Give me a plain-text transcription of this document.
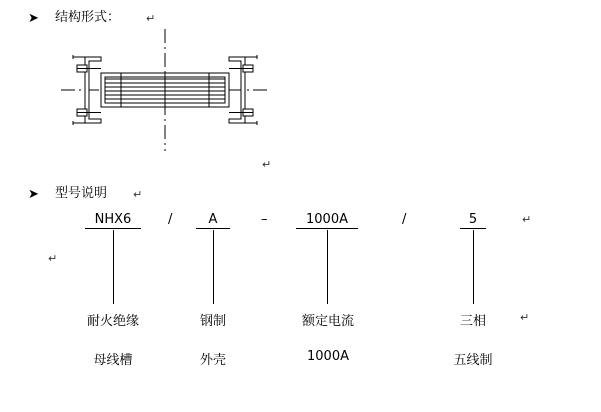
➤ 结构形式： ↵
↵
➤ 型号说明 ↵
NHX6	/	A	–	1000A	/	5	↵
↵
耐火绝缘
母线槽
钢制
外壳
额定电流
1000A
三相
五线制
↵
